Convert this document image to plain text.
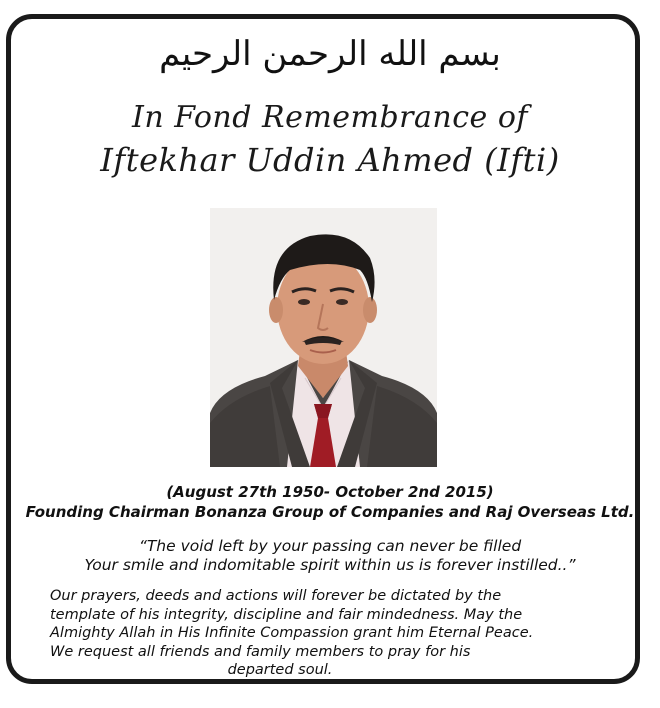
بسم الله الرحمن الرحيم
In Fond Remembrance of
Iftekhar Uddin Ahmed (Ifti)
(August 27th 1950- October 2nd 2015)
Founding Chairman Bonanza Group of Companies and Raj Overseas Ltd.
“The void left by your passing can never be filled
Your smile and indomitable spirit within us is forever instilled..”
Our prayers, deeds and actions will forever be dictated by the
template of his integrity, discipline and fair mindedness. May the
Almighty Allah in His Infinite Compassion grant him Eternal Peace.
We request all friends and family members to pray for his
departed soul.
